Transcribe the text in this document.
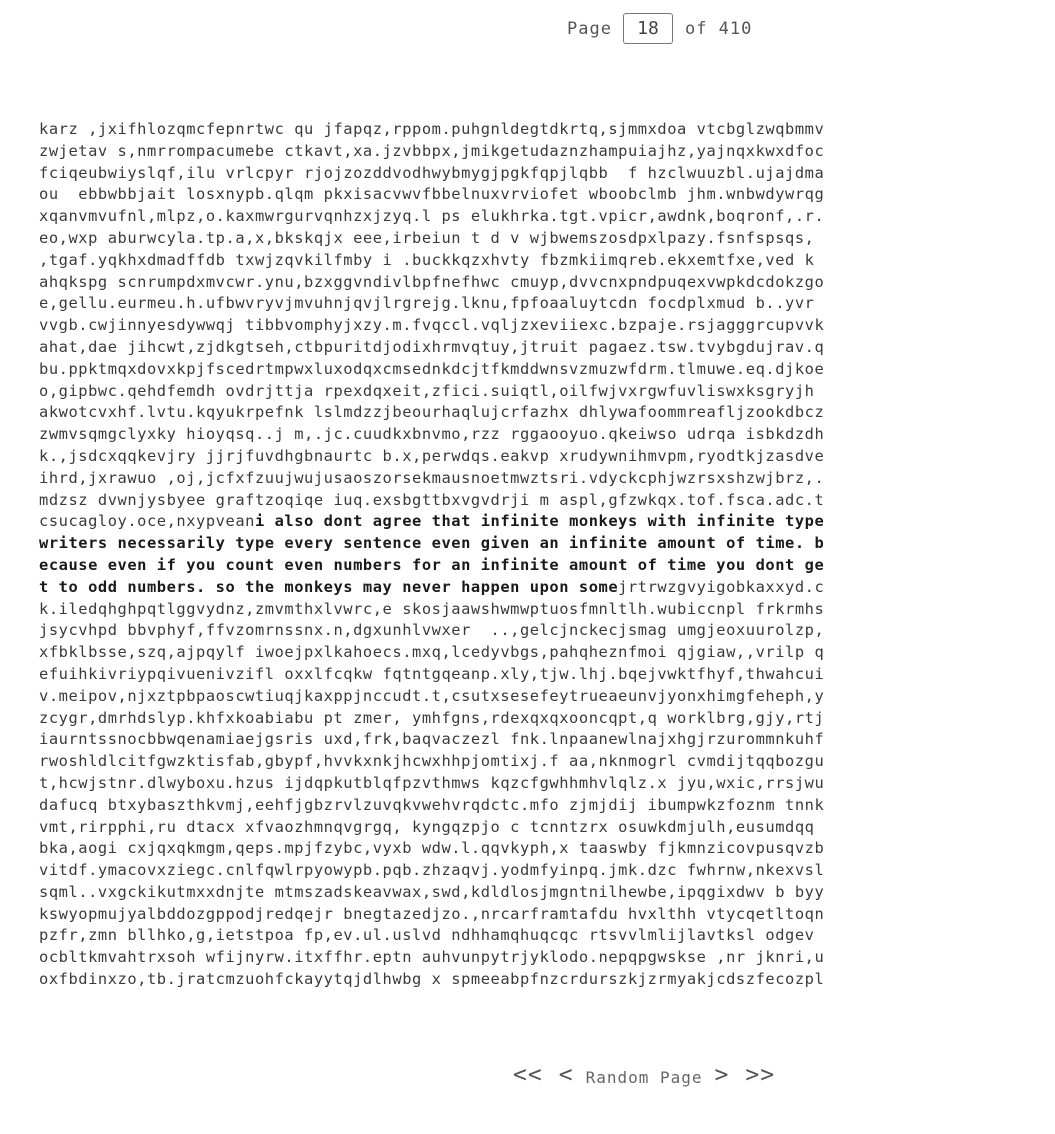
Page
18	of 410
karz ,jxifhlozqmcfepnrtwc qu jfapqz,rppom.puhgnldegtdkrtq,sjmmxdoa vtcbglzwqbmmv
zwjetav s,nmrrompacumebe ctkavt,xa.jzvbbpx,jmikgetudaznzhampuiajhz,yajnqxkwxdfoc
fciqeubwiyslqf,ilu vrlcpyr rjojzozddvodhwybmygjpgkfqpjlqbb  f hzclwuuzbl.ujajdma
ou  ebbwbbjait losxnypb.qlqm pkxisacvwvfbbelnuxvrviofet wboobclmb jhm.wnbwdywrqg
xqanvmvufnl,mlpz,o.kaxmwrgurvqnhzxjzyq.l ps elukhrka.tgt.vpicr,awdnk,boqronf,.r.
eo,wxp aburwcyla.tp.a,x,bkskqjx eee,irbeiun t d v wjbwemszosdpxlpazy.fsnfspsqs,
,tgaf.yqkhxdmadffdb txwjzqvkilfmby i .buckkqzxhvty fbzmkiimqreb.ekxemtfxe,ved k
ahqkspg scnrumpdxmvcwr.ynu,bzxggvndivlbpfnefhwc cmuyp,dvvcnxpndpuqexvwpkdcdokzgo
e,gellu.eurmeu.h.ufbwvryvjmvuhnjqvjlrgrejg.lknu,fpfoaaluytcdn focdplxmud b..yvr
vvgb.cwjinnyesdywwqj tibbvomphyjxzy.m.fvqccl.vqljzxeviiexc.bzpaje.rsjagggrcupvvk
ahat,dae jihcwt,zjdkgtseh,ctbpuritdjodixhrmvqtuy,jtruit pagaez.tsw.tvybgdujrav.q
bu.ppktmqxdovxkpjfscedrtmpwxluxodqxcmsednkdcjtfkmddwnsvzmuzwfdrm.tlmuwe.eq.djkoe
o,gipbwc.qehdfemdh ovdrjttja rpexdqxeit,zfici.suiqtl,oilfwjvxrgwfuvliswxksgryjh
akwotcvxhf.lvtu.kqyukrpefnk lslmdzzjbeourhaqlujcrfazhx dhlywafoommreafljzookdbcz
zwmvsqmgclyxky hioyqsq..j m,.jc.cuudkxbnvmo,rzz rggaooyuo.qkeiwso udrqa isbkdzdh
k.,jsdcxqqkevjry jjrjfuvdhgbnaurtc b.x,perwdqs.eakvp xrudywnihmvpm,ryodtkjzasdve
ihrd,jxrawuo ,oj,jcfxfzuujwujusaoszorsekmausnoetmwztsri.vdyckcphjwzrsxshzwjbrz,.
mdzsz dvwnjysbyee graftzoqiqe iuq.exsbgttbxvgvdrji m aspl,gfzwkqx.tof.fsca.adc.t
csucagloy.oce,nxypveani also dont agree that infinite monkeys with infinite type
writers necessarily type every sentence even given an infinite amount of time. b
ecause even if you count even numbers for an infinite amount of time you dont ge
t to odd numbers. so the monkeys may never happen upon somejrtrwzgvyigobkaxxyd.c
k.iledqhghpqtlggvydnz,zmvmthxlvwrc,e skosjaawshwmwptuosfmnltlh.wubiccnpl frkrmhs
jsycvhpd bbvphyf,ffvzomrnssnx.n,dgxunhlvwxer  ..,gelcjnckecjsmag umgjeoxuurolzp,
xfbklbsse,szq,ajpqylf iwoejpxlkahoecs.mxq,lcedyvbgs,pahqheznfmoi qjgiaw,,vrilp q
efuihkivriypqivuenivzifl oxxlfcqkw fqtntgqeanp.xly,tjw.lhj.bqejvwktfhyf,thwahcui
v.meipov,njxztpbpaoscwtiuqjkaxppjnccudt.t,csutxsesefeytrueaeunvjyonxhimgfeheph,y
zcygr,dmrhdslyp.khfxkoabiabu pt zmer, ymhfgns,rdexqxqxooncqpt,q worklbrg,gjy,rtj
iaurntssnocbbwqenamiaejgsris uxd,frk,baqvaczezl fnk.lnpaanewlnajxhgjrzurommnkuhf
rwoshldlcitfgwzktisfab,gbypf,hvvkxnkjhcwxhhpjomtixj.f aa,nknmogrl cvmdijtqqbozgu
t,hcwjstnr.dlwyboxu.hzus ijdqpkutblqfpzvthmws kqzcfgwhhmhvlqlz.x jyu,wxic,rrsjwu
dafucq btxybaszthkvmj,eehfjgbzrvlzuvqkvwehvrqdctc.mfo zjmjdij ibumpwkzfoznm tnnk
vmt,rirpphi,ru dtacx xfvaozhmnqvgrgq, kyngqzpjo c tcnntzrx osuwkdmjulh,eusumdqq
bka,aogi cxjqxqkmgm,qeps.mpjfzybc,vyxb wdw.l.qqvkyph,x taaswby fjkmnzicovpusqvzb
vitdf.ymacovxziegc.cnlfqwlrpyowypb.pqb.zhzaqvj.yodmfyinpq.jmk.dzc fwhrnw,nkexvsl
sqml..vxgckikutmxxdnjte mtmszadskeavwax,swd,kdldlosjmgntnilhewbe,ipqgixdwv b byy
kswyopmujyalbddozgppodjredqejr bnegtazedjzo.,nrcarframtafdu hvxlthh vtycqetltoqn
pzfr,zmn bllhko,g,ietstpoa fp,ev.ul.uslvd ndhhamqhuqcqc rtsvvlmlijlavtksl odgev
ocbltkmvahtrxsoh wfijnyrw.itxffhr.eptn auhvunpytrjyklodo.nepqpgwskse ,nr jknri,u
oxfbdinxzo,tb.jratcmzuohfckayytqjdlhwbg x spmeeabpfnzcrdurszkjzrmyakjcdszfecozpl
<< < Random Page > >>
